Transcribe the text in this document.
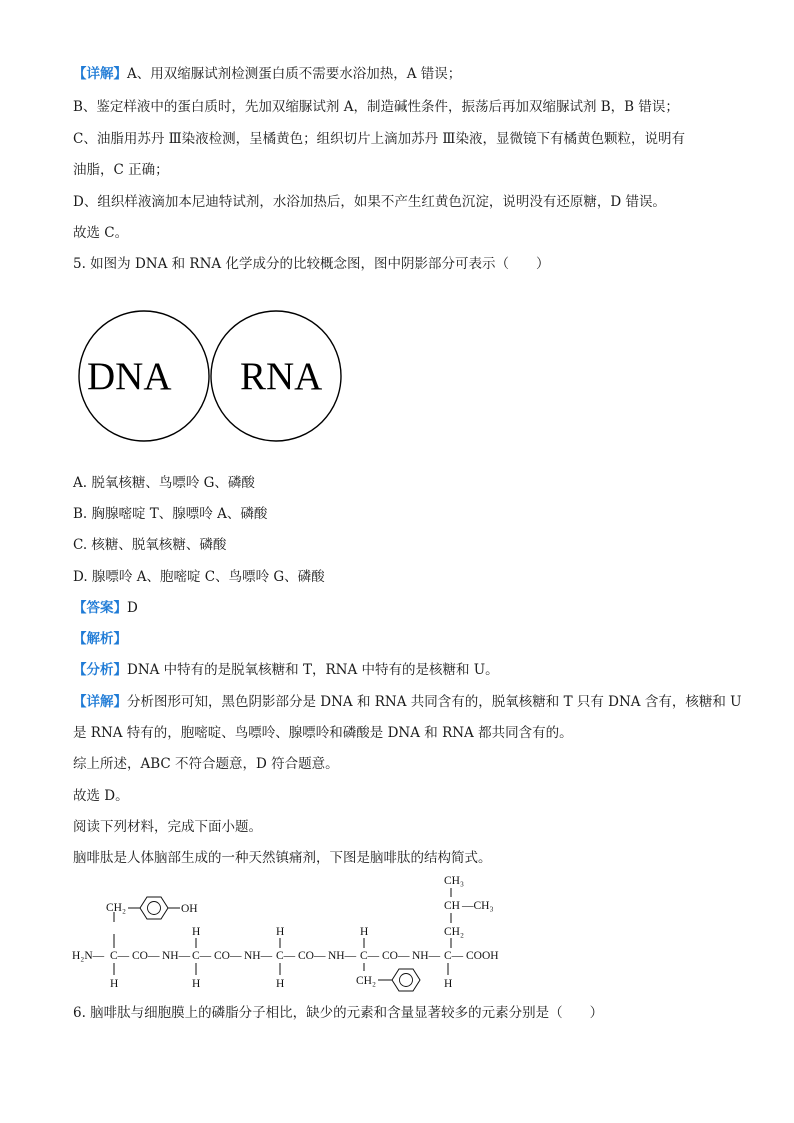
【详解】A、用双缩脲试剂检测蛋白质不需要水浴加热，A 错误；
B、鉴定样液中的蛋白质时，先加双缩脲试剂 A，制造碱性条件，振荡后再加双缩脲试剂 B，B 错误；
C、油脂用苏丹 Ⅲ染液检测，呈橘黄色；组织切片上滴加苏丹 Ⅲ染液，显微镜下有橘黄色颗粒，说明有
油脂，C 正确；
D、组织样液滴加本尼迪特试剂，水浴加热后，如果不产生红黄色沉淀，说明没有还原糖，D 错误。
故选 C。
5. 如图为 DNA 和 RNA 化学成分的比较概念图，图中阴影部分可表示（　　）
DNA RNA
A. 脱氧核糖、鸟嘌呤 G、磷酸
B. 胸腺嘧啶 T、腺嘌呤 A、磷酸
C. 核糖、脱氧核糖、磷酸
D. 腺嘌呤 A、胞嘧啶 C、鸟嘌呤 G、磷酸
【答案】D
【解析】
【分析】DNA 中特有的是脱氧核糖和 T，RNA 中特有的是核糖和 U。
【详解】分析图形可知，黑色阴影部分是 DNA 和 RNA 共同含有的，脱氧核糖和 T 只有 DNA 含有，核糖和 U
是 RNA 特有的，胞嘧啶、鸟嘌呤、腺嘌呤和磷酸是 DNA 和 RNA 都共同含有的。
综上所述，ABC 不符合题意，D 符合题意。
故选 D。
阅读下列材料，完成下面小题。
脑啡肽是人体脑部生成的一种天然镇痛剂，下图是脑啡肽的结构简式。
H₂N— C— CO— NH— C— CO— NH— C— CO— NH— C— CO— NH— C— COOH
CH₂	OH
H
H
H
H
H
H
CH₂
CH₃
CH —CH₃
CH₂
H
6. 脑啡肽与细胞膜上的磷脂分子相比，缺少的元素和含量显著较多的元素分别是（　　）
